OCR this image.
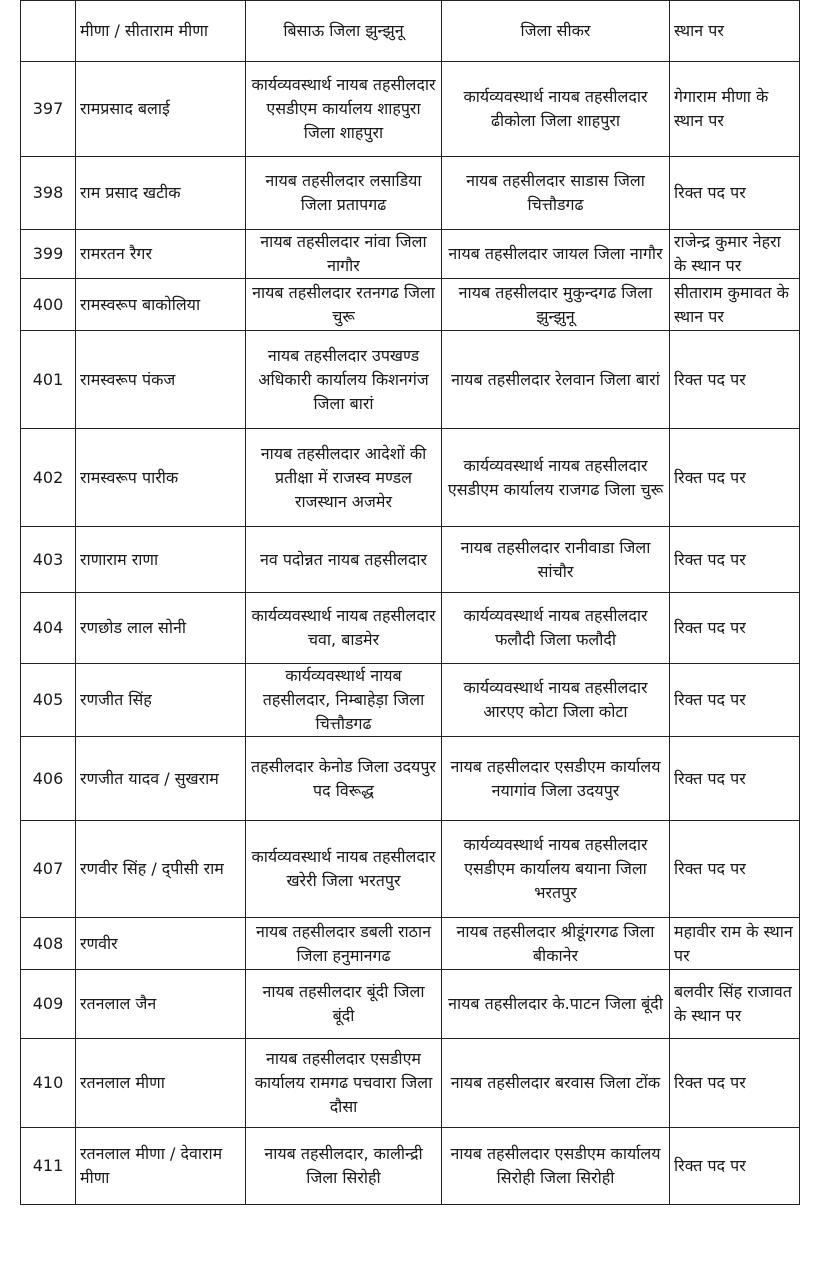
	मीणा / सीताराम मीणा	बिसाऊ जिला झुन्झुनू	जिला सीकर	स्थान पर
397	रामप्रसाद बलाई	कार्यव्यवस्थार्थ नायब तहसीलदार एसडीएम कार्यालय शाहपुरा जिला शाहपुरा	कार्यव्यवस्थार्थ नायब तहसीलदार ढीकोला जिला शाहपुरा	गेगाराम मीणा के स्थान पर
398	राम प्रसाद खटीक	नायब तहसीलदार लसाडिया जिला प्रतापगढ	नायब तहसीलदार साडास जिला चित्तौडगढ	रिक्त पद पर
399	रामरतन रैगर	नायब तहसीलदार नांवा जिला नागौर	नायब तहसीलदार जायल जिला नागौर	राजेन्द्र कुमार नेहरा के स्थान पर
400	रामस्वरूप बाकोलिया	नायब तहसीलदार रतनगढ जिला चुरू	नायब तहसीलदार मुकुन्दगढ जिला झुन्झुनू	सीताराम कुमावत के स्थान पर
401	रामस्वरूप पंकज	नायब तहसीलदार उपखण्ड अधिकारी कार्यालय किशनगंज जिला बारां	नायब तहसीलदार रेलवान जिला बारां	रिक्त पद पर
402	रामस्वरूप पारीक	नायब तहसीलदार आदेशों की प्रतीक्षा में राजस्व मण्डल राजस्थान अजमेर	कार्यव्यवस्थार्थ नायब तहसीलदार एसडीएम कार्यालय राजगढ जिला चुरू	रिक्त पद पर
403	राणाराम राणा	नव पदोन्नत नायब तहसीलदार	नायब तहसीलदार रानीवाडा जिला सांचौर	रिक्त पद पर
404	रणछोड लाल सोनी	कार्यव्यवस्थार्थ नायब तहसीलदार चवा, बाडमेर	कार्यव्यवस्थार्थ नायब तहसीलदार फलौदी जिला फलौदी	रिक्त पद पर
405	रणजीत सिंह	कार्यव्यवस्थार्थ नायब तहसीलदार, निम्बाहेड़ा जिला चित्तौडगढ	कार्यव्यवस्थार्थ नायब तहसीलदार आरएए कोटा जिला कोटा	रिक्त पद पर
406	रणजीत यादव / सुखराम	तहसीलदार केनोड जिला उदयपुर पद विरूद्ध	नायब तहसीलदार एसडीएम कार्यालय नयागांव जिला उदयपुर	रिक्त पद पर
407	रणवीर सिंह / द्पीसी राम	कार्यव्यवस्थार्थ नायब तहसीलदार खरेरी जिला भरतपुर	कार्यव्यवस्थार्थ नायब तहसीलदार एसडीएम कार्यालय बयाना जिला भरतपुर	रिक्त पद पर
408	रणवीर	नायब तहसीलदार डबली राठान जिला हनुमानगढ	नायब तहसीलदार श्रीडूंगरगढ जिला बीकानेर	महावीर राम के स्थान पर
409	रतनलाल जैन	नायब तहसीलदार बूंदी जिला बूंदी	नायब तहसीलदार के.पाटन जिला बूंदी	बलवीर सिंह राजावत के स्थान पर
410	रतनलाल मीणा	नायब तहसीलदार एसडीएम कार्यालय रामगढ पचवारा जिला दौसा	नायब तहसीलदार बरवास जिला टोंक	रिक्त पद पर
411	रतनलाल मीणा / देवाराम मीणा	नायब तहसीलदार, कालीन्द्री जिला सिरोही	नायब तहसीलदार एसडीएम कार्यालय सिरोही जिला सिरोही	रिक्त पद पर
